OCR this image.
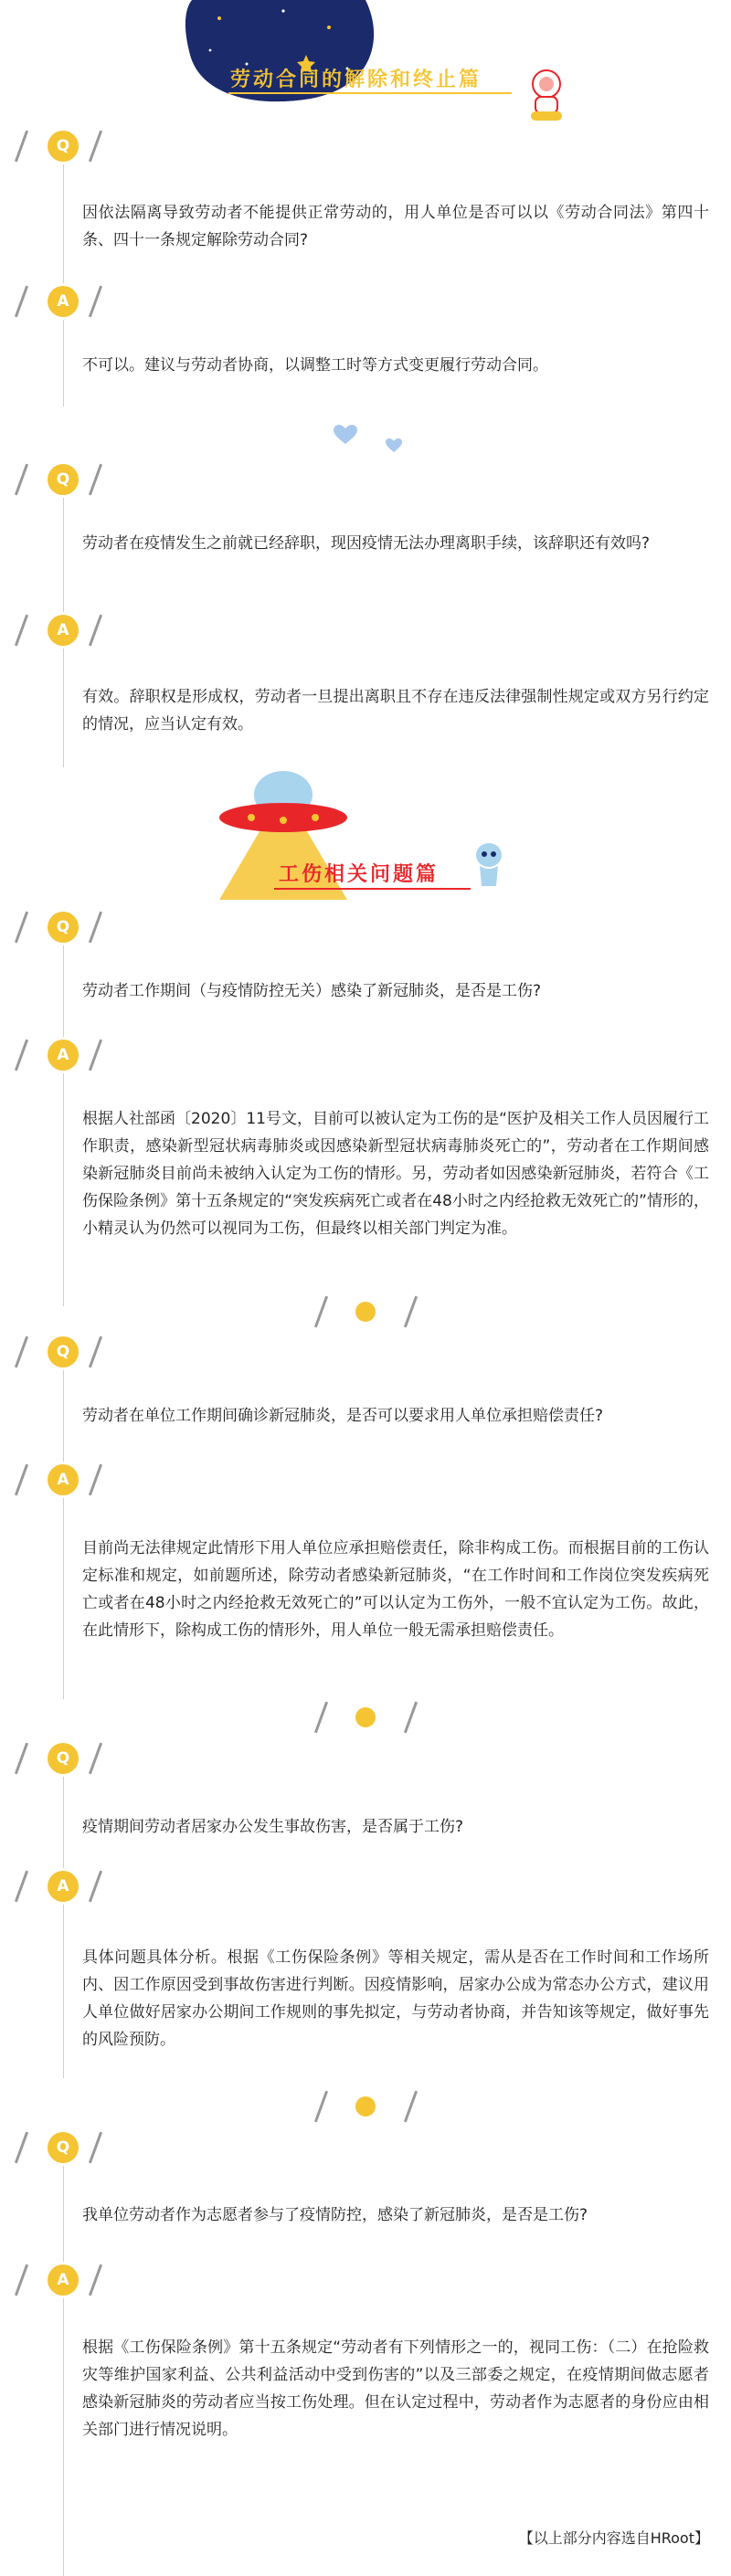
劳动合同的解除和终止篇
Q

因依法隔离导致劳动者不能提供正常劳动的，用人单位是否可以以《劳动合同法》第四十条、四十一条规定解除劳动合同?

A

不可以。建议与劳动者协商，以调整工时等方式变更履行劳动合同。

Q

劳动者在疫情发生之前就已经辞职，现因疫情无法办理离职手续，该辞职还有效吗?

A

有效。辞职权是形成权，劳动者一旦提出离职且不存在违反法律强制性规定或双方另行约定的情况，应当认定有效。

工伤相关问题篇
Q

劳动者工作期间（与疫情防控无关）感染了新冠肺炎，是否是工伤?

A

根据人社部函〔2020〕11号文，目前可以被认定为工伤的是“医护及相关工作人员因履行工作职责，感染新型冠状病毒肺炎或因感染新型冠状病毒肺炎死亡的”，劳动者在工作期间感染新冠肺炎目前尚未被纳入认定为工伤的情形。另，劳动者如因感染新冠肺炎，若符合《工伤保险条例》第十五条规定的“突发疾病死亡或者在48小时之内经抢救无效死亡的”情形的，小精灵认为仍然可以视同为工伤，但最终以相关部门判定为准。

Q

劳动者在单位工作期间确诊新冠肺炎，是否可以要求用人单位承担赔偿责任?

A

目前尚无法律规定此情形下用人单位应承担赔偿责任，除非构成工伤。而根据目前的工伤认定标准和规定，如前题所述，除劳动者感染新冠肺炎，“在工作时间和工作岗位突发疾病死亡或者在48小时之内经抢救无效死亡的”可以认定为工伤外，一般不宜认定为工伤。故此，在此情形下，除构成工伤的情形外，用人单位一般无需承担赔偿责任。

Q

疫情期间劳动者居家办公发生事故伤害，是否属于工伤?

A

具体问题具体分析。根据《工伤保险条例》等相关规定，需从是否在工作时间和工作场所内、因工作原因受到事故伤害进行判断。因疫情影响，居家办公成为常态办公方式，建议用人单位做好居家办公期间工作规则的事先拟定，与劳动者协商，并告知该等规定，做好事先的风险预防。

Q

我单位劳动者作为志愿者参与了疫情防控，感染了新冠肺炎，是否是工伤?

A

根据《工伤保险条例》第十五条规定“劳动者有下列情形之一的，视同工伤：（二）在抢险救灾等维护国家利益、公共利益活动中受到伤害的”以及三部委之规定，在疫情期间做志愿者感染新冠肺炎的劳动者应当按工伤处理。但在认定过程中，劳动者作为志愿者的身份应由相关部门进行情况说明。

【以上部分内容选自HRoot】
